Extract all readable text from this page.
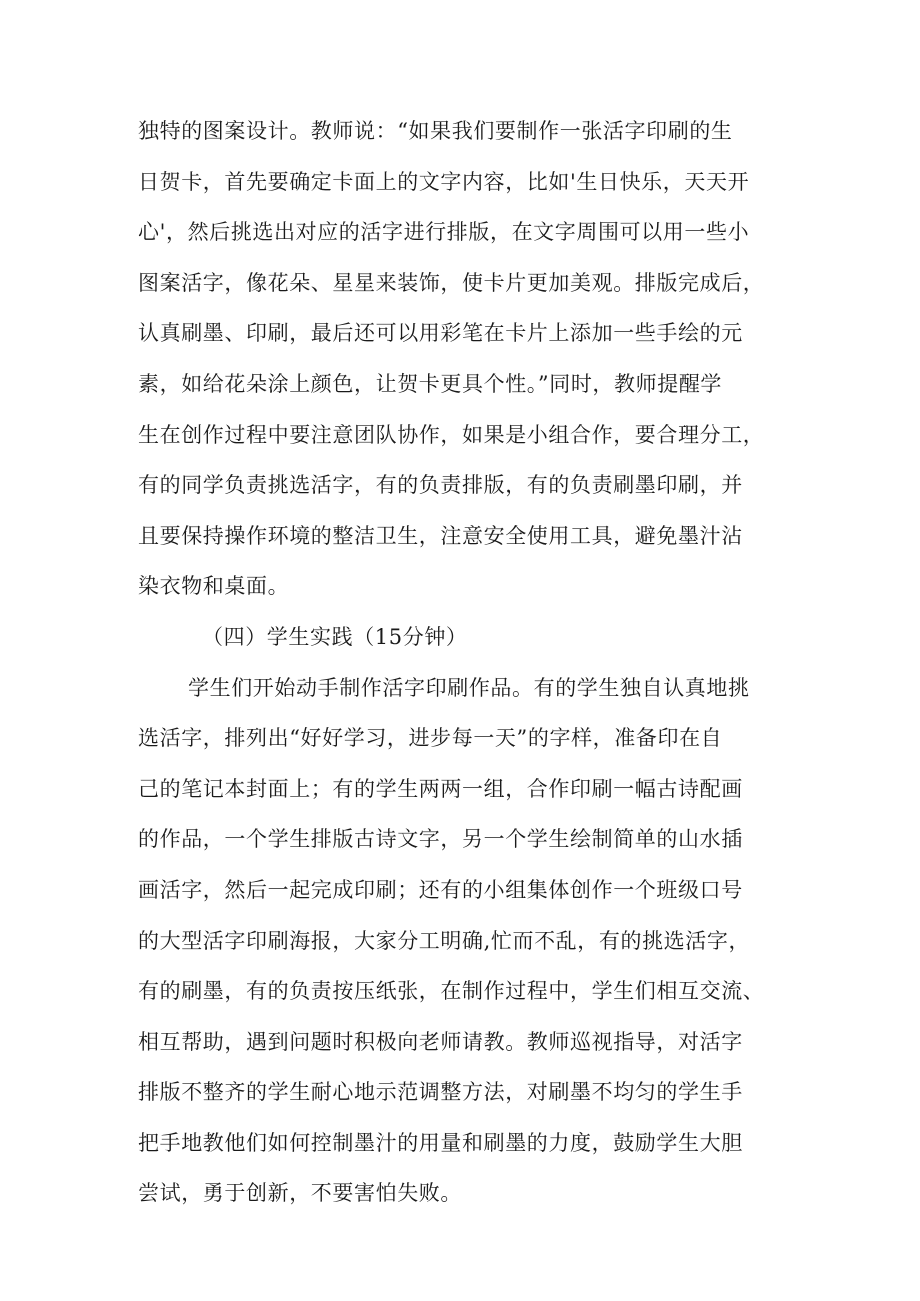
独特的图案设计。教师说：“如果我们要制作一张活字印刷的生
日贺卡，首先要确定卡面上的文字内容，比如'生日快乐，天天开
心'，然后挑选出对应的活字进行排版，在文字周围可以用一些小
图案活字，像花朵、星星来装饰，使卡片更加美观。排版完成后，
认真刷墨、印刷，最后还可以用彩笔在卡片上添加一些手绘的元
素，如给花朵涂上颜色，让贺卡更具个性。”同时，教师提醒学
生在创作过程中要注意团队协作，如果是小组合作，要合理分工，
有的同学负责挑选活字，有的负责排版，有的负责刷墨印刷，并
且要保持操作环境的整洁卫生，注意安全使用工具，避免墨汁沾
染衣物和桌面。
（四）学生实践（15分钟）
学生们开始动手制作活字印刷作品。有的学生独自认真地挑
选活字，排列出“好好学习，进步每一天”的字样，准备印在自
己的笔记本封面上；有的学生两两一组，合作印刷一幅古诗配画
的作品，一个学生排版古诗文字，另一个学生绘制简单的山水插
画活字，然后一起完成印刷；还有的小组集体创作一个班级口号
的大型活字印刷海报，大家分工明确,忙而不乱，有的挑选活字，
有的刷墨，有的负责按压纸张，在制作过程中，学生们相互交流、
相互帮助，遇到问题时积极向老师请教。教师巡视指导，对活字
排版不整齐的学生耐心地示范调整方法，对刷墨不均匀的学生手
把手地教他们如何控制墨汁的用量和刷墨的力度，鼓励学生大胆
尝试，勇于创新，不要害怕失败。
